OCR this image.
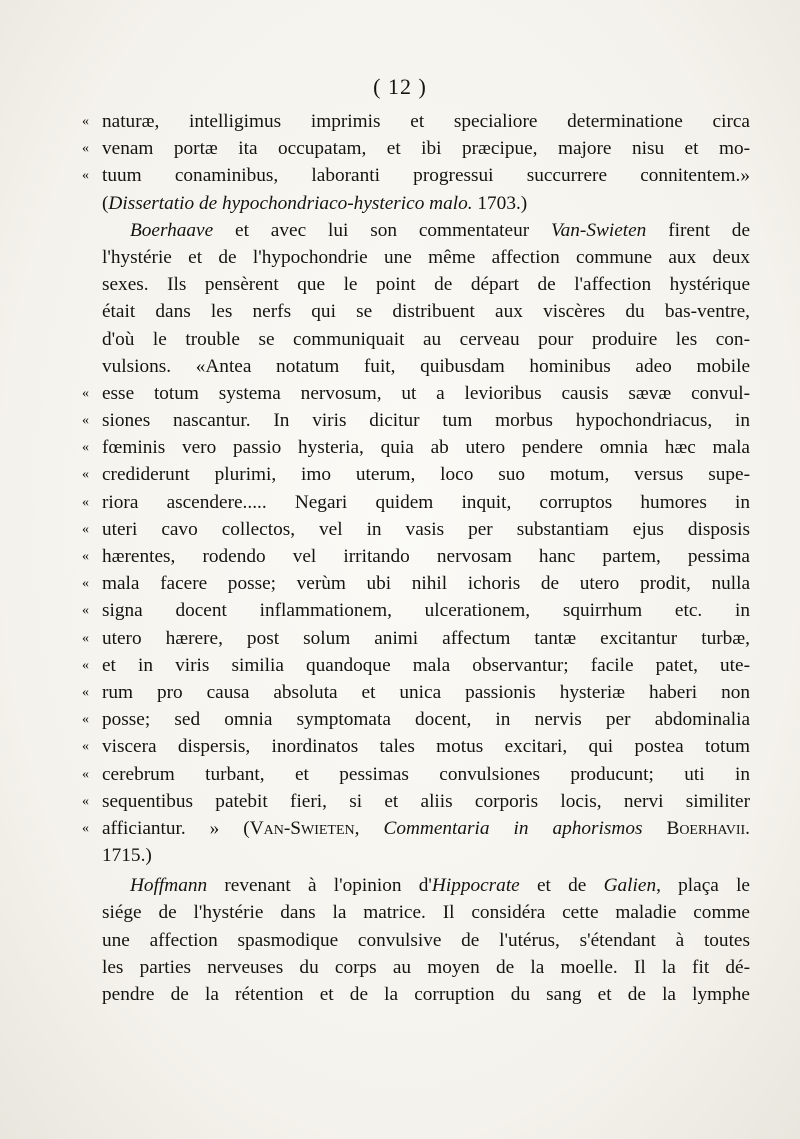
( 12 )
« naturæ, intelligimus imprimis et specialiore determinatione circa
« venam portæ ita occupatam, et ibi præcipue, majore nisu et mo-
« tuum conaminibus, laboranti progressui succurrere connitentem.»
(Dissertatio de hypochondriaco-hysterico malo. 1703.)
Boerhaave et avec lui son commentateur Van-Swieten firent de
l'hystérie et de l'hypochondrie une même affection commune aux deux
sexes. Ils pensèrent que le point de départ de l'affection hystérique
était dans les nerfs qui se distribuent aux viscères du bas-ventre,
d'où le trouble se communiquait au cerveau pour produire les con-
vulsions. «Antea notatum fuit, quibusdam hominibus adeo mobile
« esse totum systema nervosum, ut a levioribus causis sævæ convul-
« siones nascantur. In viris dicitur tum morbus hypochondriacus, in
« fœminis vero passio hysteria, quia ab utero pendere omnia hæc mala
« crediderunt plurimi, imo uterum, loco suo motum, versus supe-
« riora ascendere..... Negari quidem inquit, corruptos humores in
« uteri cavo collectos, vel in vasis per substantiam ejus disposis
« hærentes, rodendo vel irritando nervosam hanc partem, pessima
« mala facere posse; verùm ubi nihil ichoris de utero prodit, nulla
« signa docent inflammationem, ulcerationem, squirrhum etc. in
« utero hærere, post solum animi affectum tantæ excitantur turbæ,
« et in viris similia quandoque mala observantur; facile patet, ute-
« rum pro causa absoluta et unica passionis hysteriæ haberi non
« posse; sed omnia symptomata docent, in nervis per abdominalia
« viscera dispersis, inordinatos tales motus excitari, qui postea totum
« cerebrum turbant, et pessimas convulsiones producunt; uti in
« sequentibus patebit fieri, si et aliis corporis locis, nervi similiter
« afficiantur. » (Van-Swieten, Commentaria in aphorismos Boerhavii.
1715.)
Hoffmann revenant à l'opinion d'Hippocrate et de Galien, plaça le
siége de l'hystérie dans la matrice. Il considéra cette maladie comme
une affection spasmodique convulsive de l'utérus, s'étendant à toutes
les parties nerveuses du corps au moyen de la moelle. Il la fit dé-
pendre de la rétention et de la corruption du sang et de la lymphe
